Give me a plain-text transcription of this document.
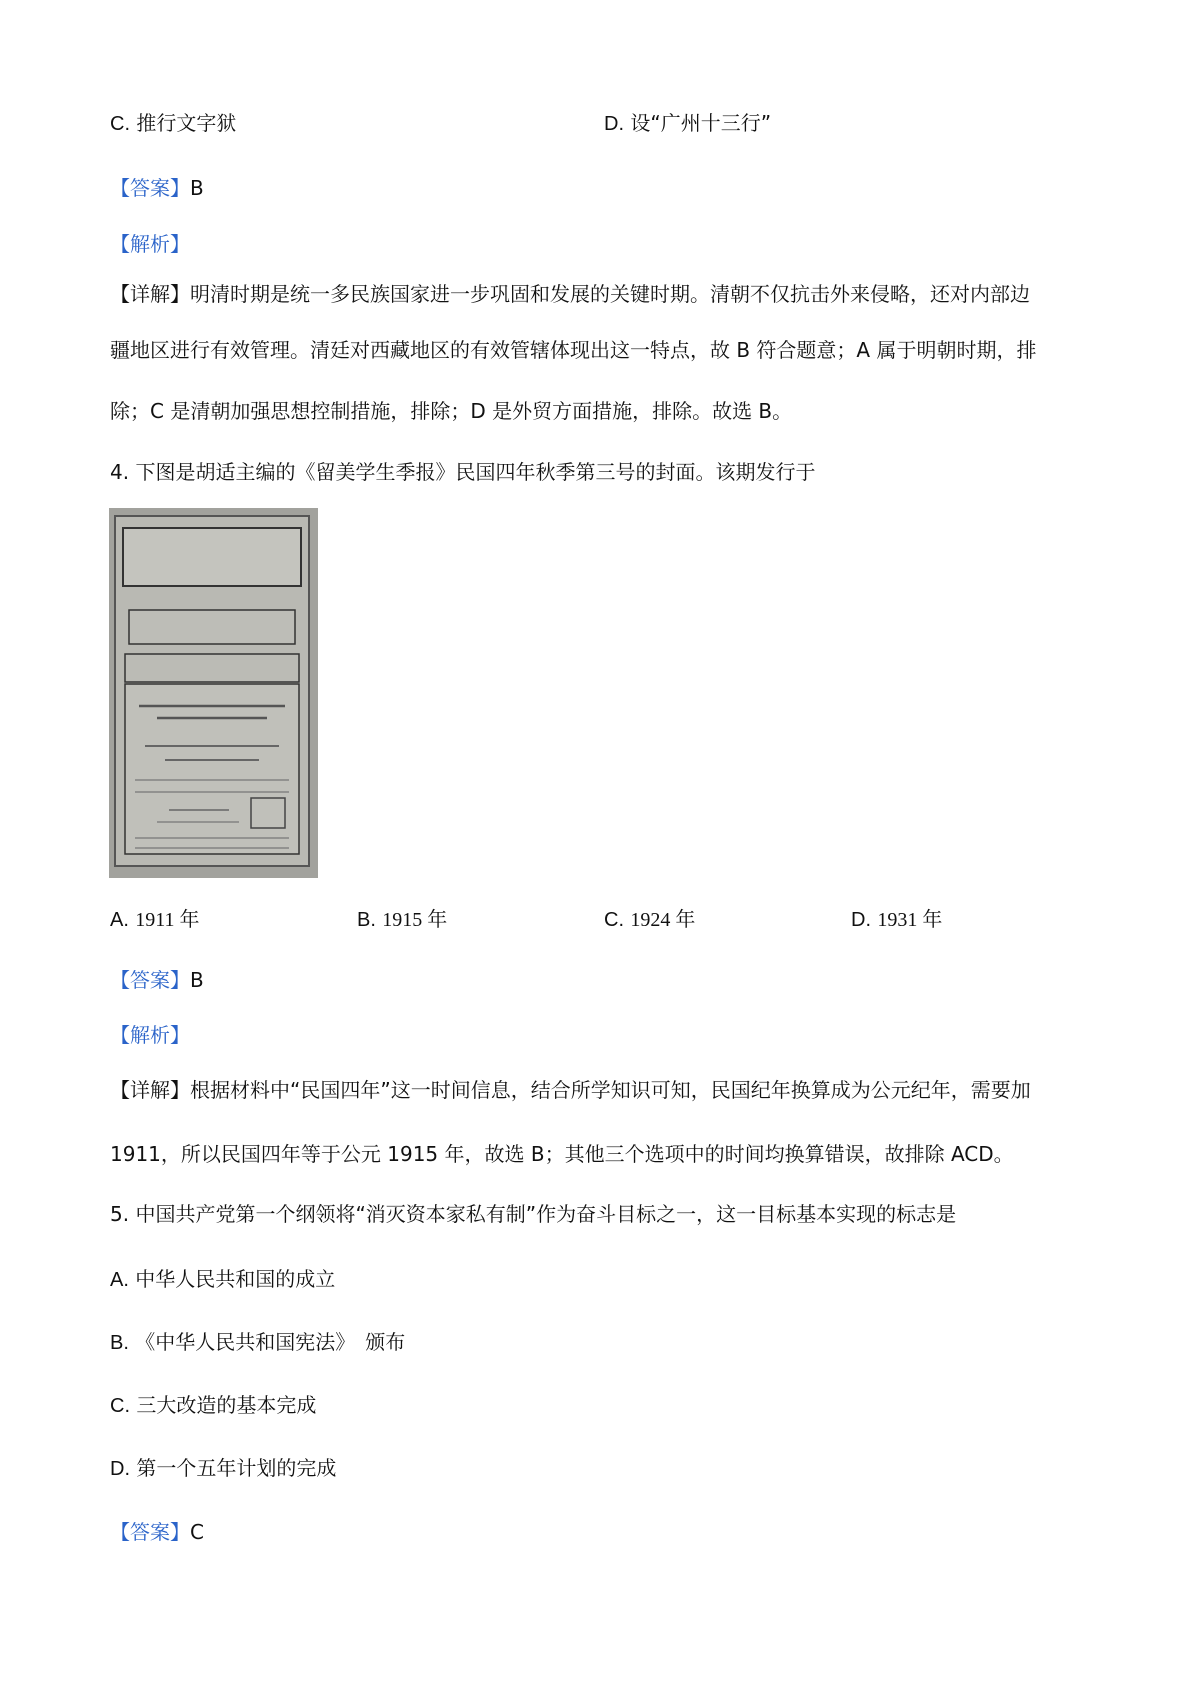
C. 推行文字狱	D. 设“广州十三行”
【答案】B
【解析】
【详解】明清时期是统一多民族国家进一步巩固和发展的关键时期。清朝不仅抗击外来侵略，还对内部边
疆地区进行有效管理。清廷对西藏地区的有效管辖体现出这一特点，故 B 符合题意；A 属于明朝时期，排
除；C 是清朝加强思想控制措施，排除；D 是外贸方面措施，排除。故选 B。
4. 下图是胡适主编的《留美学生季报》民国四年秋季第三号的封面。该期发行于
A. 1911 年	B. 1915 年	C. 1924 年	D. 1931 年
【答案】B
【解析】
【详解】根据材料中“民国四年”这一时间信息，结合所学知识可知，民国纪年换算成为公元纪年，需要加
1911，所以民国四年等于公元 1915 年，故选 B；其他三个选项中的时间均换算错误，故排除 ACD。
5. 中国共产党第一个纲领将“消灭资本家私有制”作为奋斗目标之一，这一目标基本实现的标志是
A. 中华人民共和国的成立
B. 《中华人民共和国宪法》　颁布
C. 三大改造的基本完成
D. 第一个五年计划的完成
【答案】C
